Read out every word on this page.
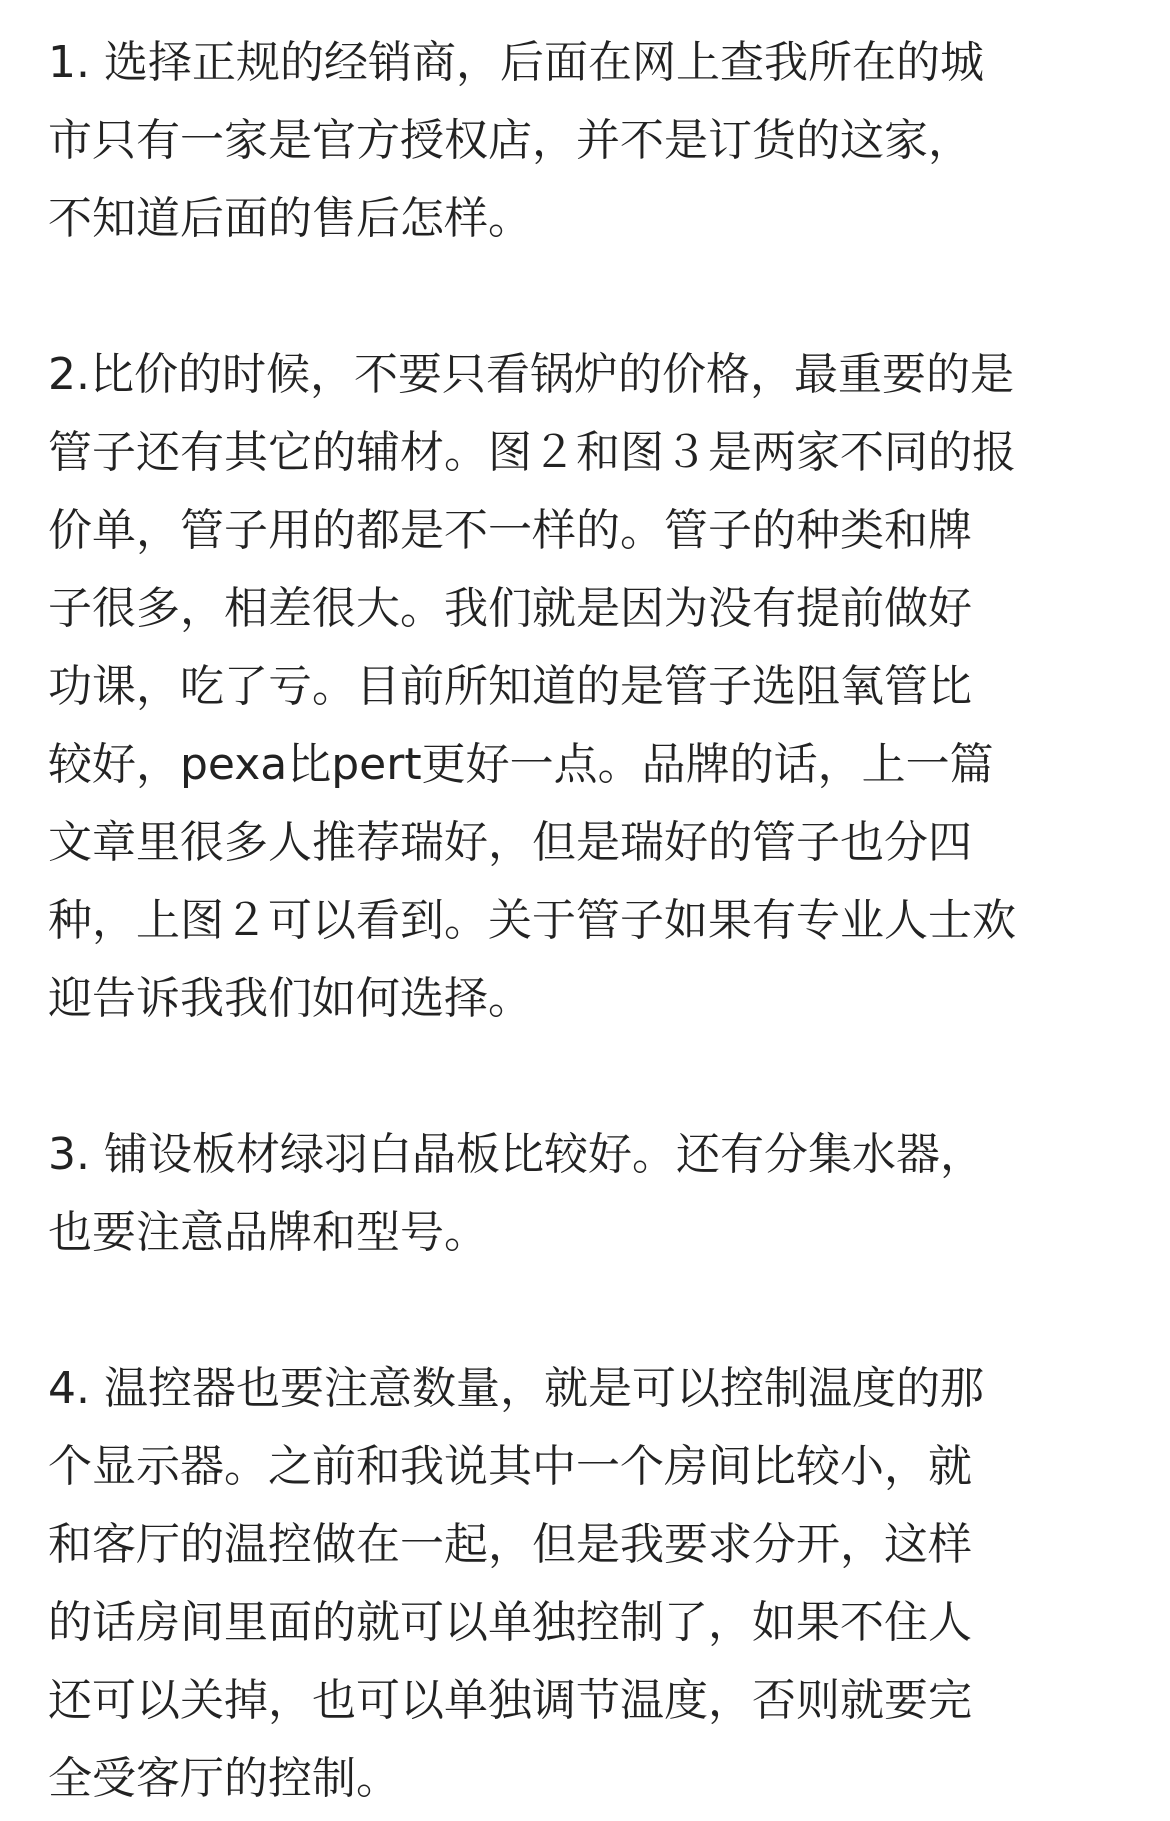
1. 选择正规的经销商，后面在网上查我所在的城
市只有一家是官方授权店，并不是订货的这家，
不知道后面的售后怎样。
2.比价的时候，不要只看锅炉的价格，最重要的是
管子还有其它的辅材。图２和图３是两家不同的报
价单，管子用的都是不一样的。管子的种类和牌
子很多，相差很大。我们就是因为没有提前做好
功课，吃了亏。目前所知道的是管子选阻氧管比
较好，pexa比pert更好一点。品牌的话，上一篇
文章里很多人推荐瑞好，但是瑞好的管子也分四
种，上图２可以看到。关于管子如果有专业人士欢
迎告诉我我们如何选择。
3. 铺设板材绿羽白晶板比较好。还有分集水器，
也要注意品牌和型号。
4. 温控器也要注意数量，就是可以控制温度的那
个显示器。之前和我说其中一个房间比较小，就
和客厅的温控做在一起，但是我要求分开，这样
的话房间里面的就可以单独控制了，如果不住人
还可以关掉，也可以单独调节温度，否则就要完
全受客厅的控制。
